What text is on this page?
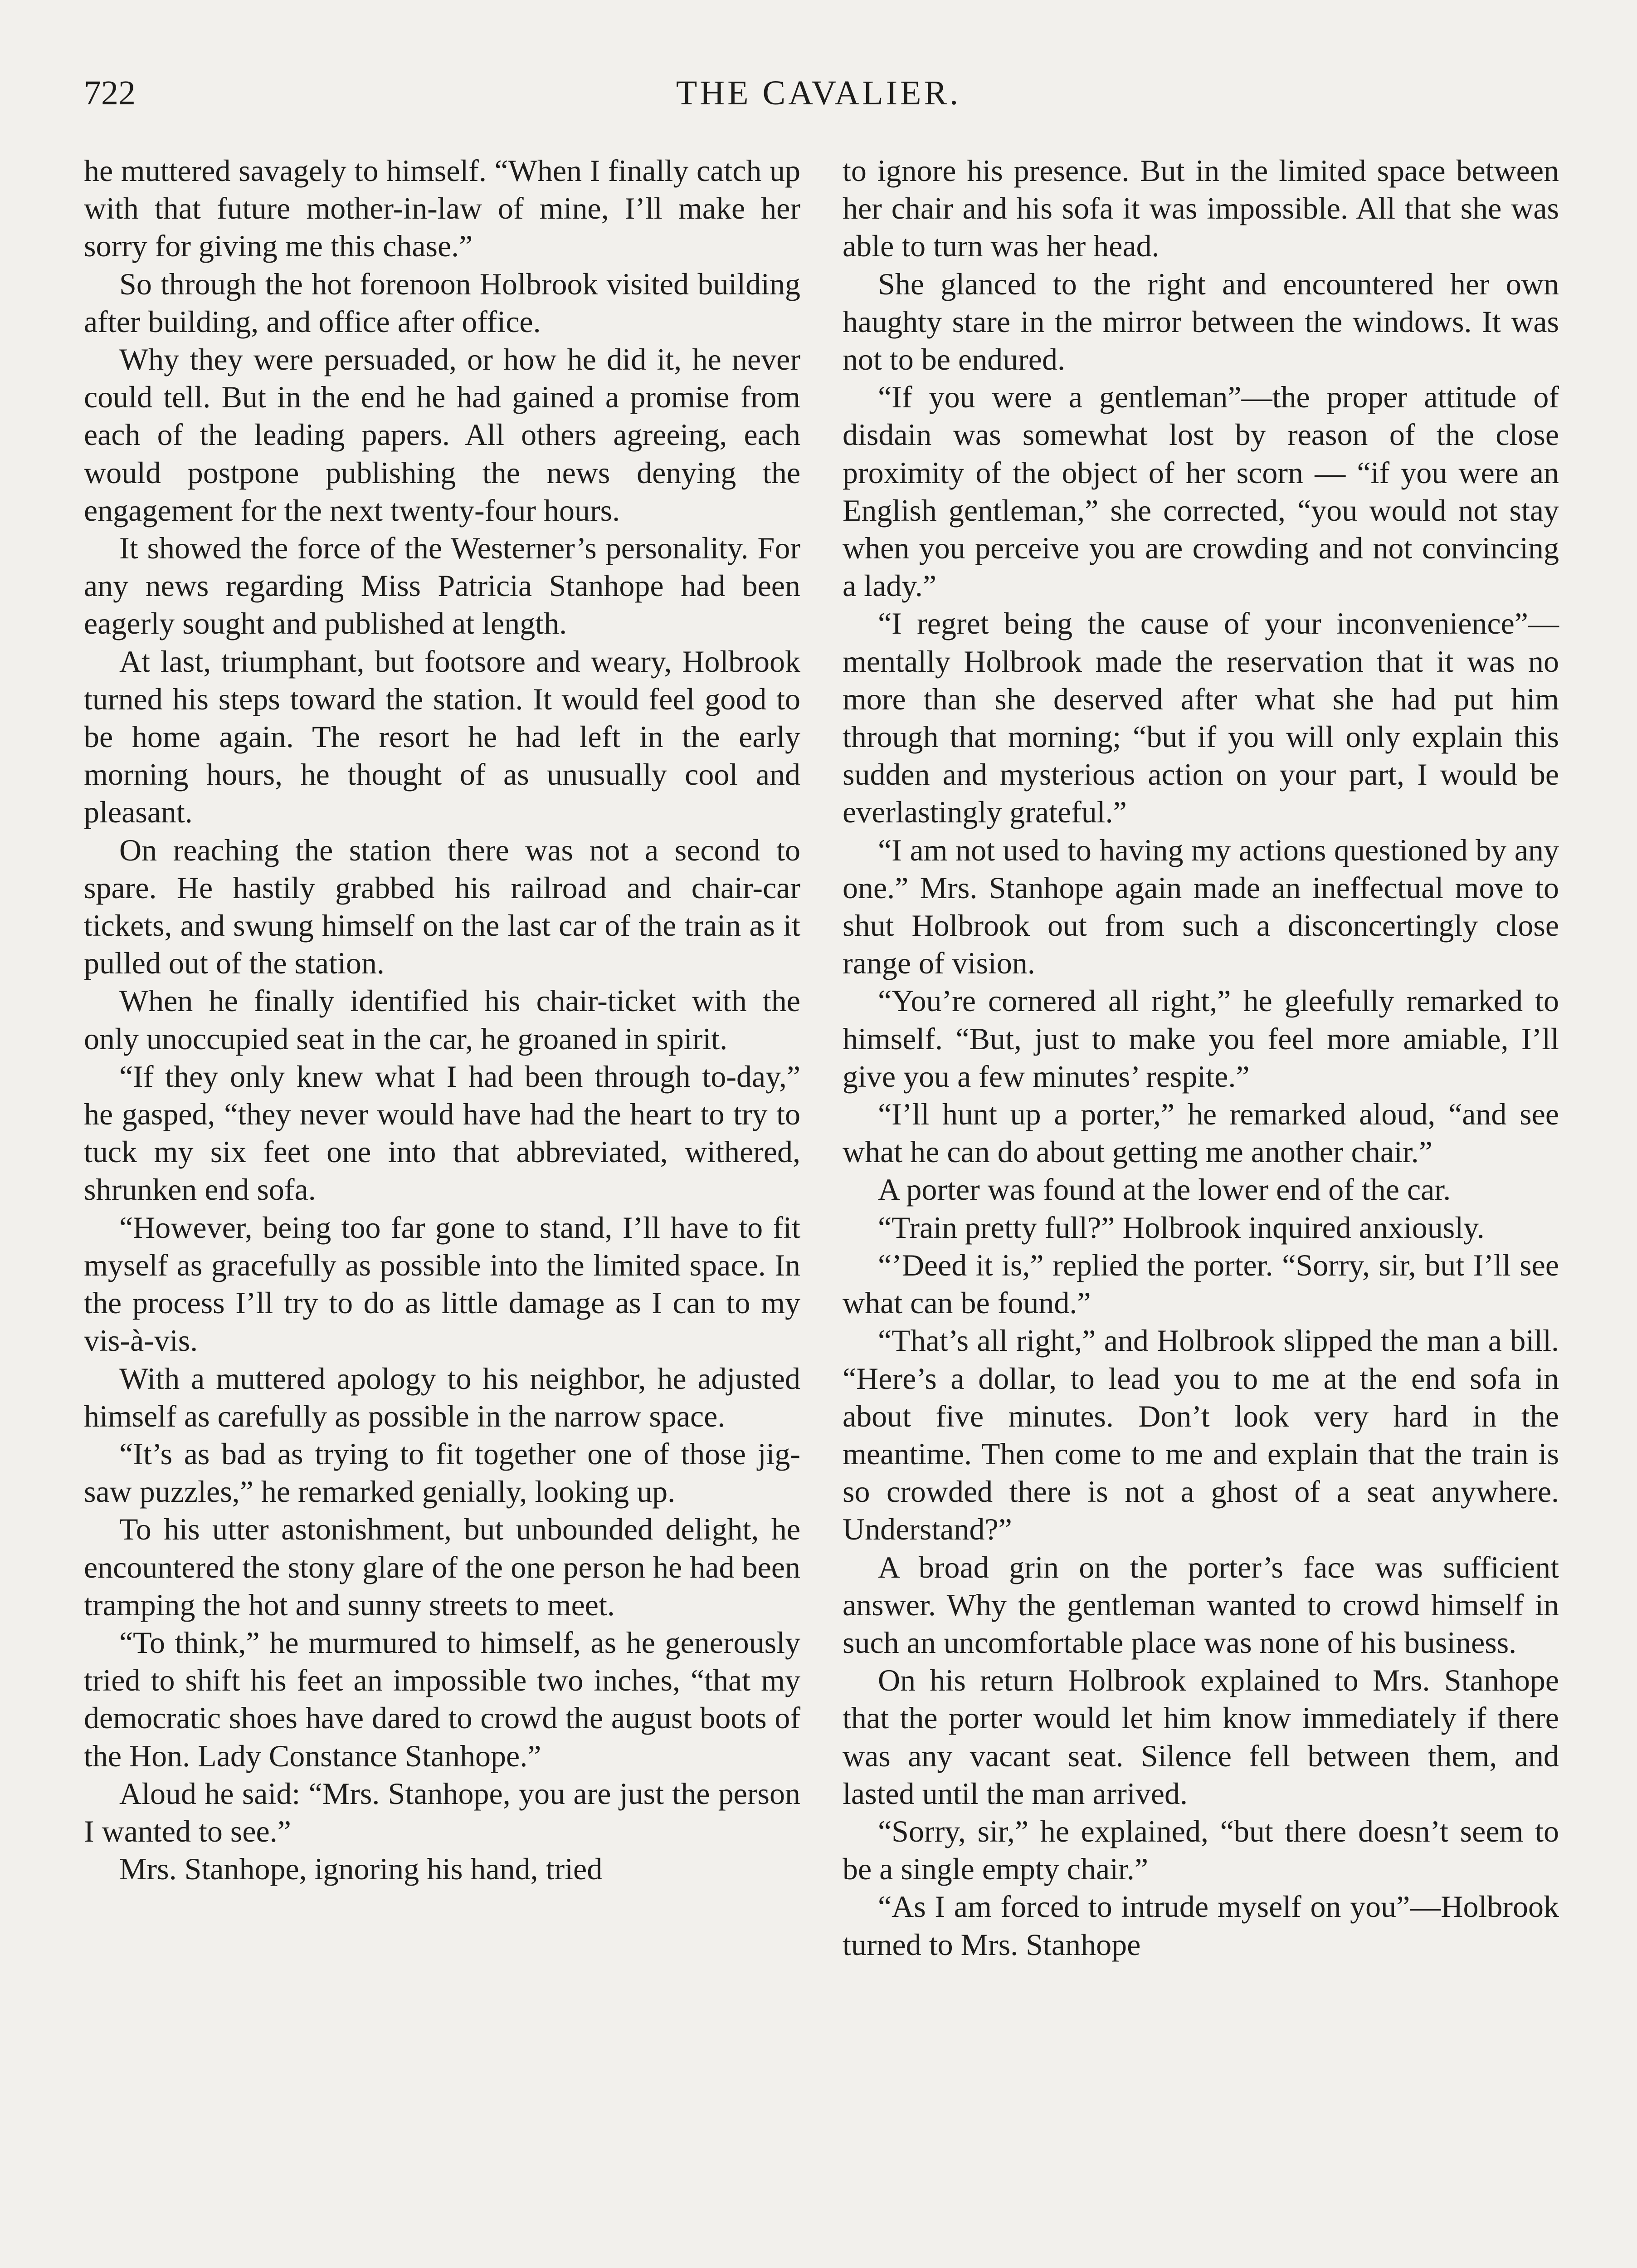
722	THE CAVALIER.

he muttered savagely to himself. “When I finally catch up with that future mother-in-law of mine, I’ll make her sorry for giving me this chase.”

So through the hot forenoon Holbrook visited building after building, and office after office.

Why they were persuaded, or how he did it, he never could tell. But in the end he had gained a promise from each of the leading papers. All others agreeing, each would postpone publishing the news denying the engagement for the next twenty-four hours.

It showed the force of the Westerner’s personality. For any news regarding Miss Patricia Stanhope had been eagerly sought and published at length.

At last, triumphant, but footsore and weary, Holbrook turned his steps toward the station. It would feel good to be home again. The resort he had left in the early morning hours, he thought of as unusually cool and pleasant.

On reaching the station there was not a second to spare. He hastily grabbed his railroad and chair-car tickets, and swung himself on the last car of the train as it pulled out of the station.

When he finally identified his chair-ticket with the only unoccupied seat in the car, he groaned in spirit.

“If they only knew what I had been through to-day,” he gasped, “they never would have had the heart to try to tuck my six feet one into that abbreviated, withered, shrunken end sofa.

“However, being too far gone to stand, I’ll have to fit myself as gracefully as possible into the limited space. In the process I’ll try to do as little damage as I can to my vis-à-vis.

With a muttered apology to his neighbor, he adjusted himself as carefully as possible in the narrow space.

“It’s as bad as trying to fit together one of those jig-saw puzzles,” he remarked genially, looking up.

To his utter astonishment, but unbounded delight, he encountered the stony glare of the one person he had been tramping the hot and sunny streets to meet.

“To think,” he murmured to himself, as he generously tried to shift his feet an impossible two inches, “that my democratic shoes have dared to crowd the august boots of the Hon. Lady Constance Stanhope.”

Aloud he said: “Mrs. Stanhope, you are just the person I wanted to see.”

Mrs. Stanhope, ignoring his hand, tried

to ignore his presence. But in the limited space between her chair and his sofa it was impossible. All that she was able to turn was her head.

She glanced to the right and encountered her own haughty stare in the mirror between the windows. It was not to be endured.

“If you were a gentleman”—the proper attitude of disdain was somewhat lost by reason of the close proximity of the object of her scorn — “if you were an English gentleman,” she corrected, “you would not stay when you perceive you are crowding and not convincing a lady.”

“I regret being the cause of your inconvenience”—mentally Holbrook made the reservation that it was no more than she deserved after what she had put him through that morning; “but if you will only explain this sudden and mysterious action on your part, I would be everlastingly grateful.”

“I am not used to having my actions questioned by any one.” Mrs. Stanhope again made an ineffectual move to shut Holbrook out from such a disconcertingly close range of vision.

“You’re cornered all right,” he gleefully remarked to himself. “But, just to make you feel more amiable, I’ll give you a few minutes’ respite.”

“I’ll hunt up a porter,” he remarked aloud, “and see what he can do about getting me another chair.”

A porter was found at the lower end of the car.

“Train pretty full?” Holbrook inquired anxiously.

“’Deed it is,” replied the porter. “Sorry, sir, but I’ll see what can be found.”

“That’s all right,” and Holbrook slipped the man a bill. “Here’s a dollar, to lead you to me at the end sofa in about five minutes. Don’t look very hard in the meantime. Then come to me and explain that the train is so crowded there is not a ghost of a seat anywhere. Understand?”

A broad grin on the porter’s face was sufficient answer. Why the gentleman wanted to crowd himself in such an uncomfortable place was none of his business.

On his return Holbrook explained to Mrs. Stanhope that the porter would let him know immediately if there was any vacant seat. Silence fell between them, and lasted until the man arrived.

“Sorry, sir,” he explained, “but there doesn’t seem to be a single empty chair.”

“As I am forced to intrude myself on you”—Holbrook turned to Mrs. Stanhope
